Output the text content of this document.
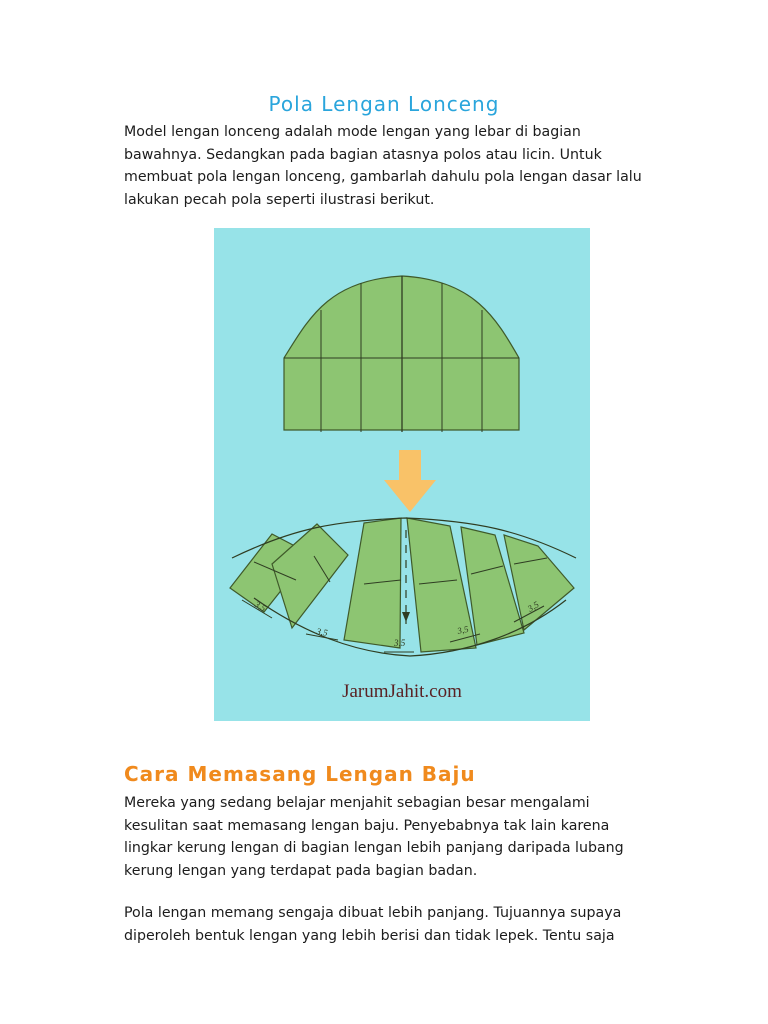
Pola Lengan Lonceng

Model lengan lonceng adalah mode lengan yang lebar di bagian
bawahnya. Sedangkan pada bagian atasnya polos atau licin. Untuk
membuat pola lengan lonceng, gambarlah dahulu pola lengan dasar lalu
lakukan pecah pola seperti ilustrasi berikut.

3,5
3,5
3,5
3,5
3,5
JarumJahit.com
Cara Memasang Lengan Baju

Mereka yang sedang belajar menjahit sebagian besar mengalami
kesulitan saat memasang lengan baju. Penyebabnya tak lain karena
lingkar kerung lengan di bagian lengan lebih panjang daripada lubang
kerung lengan yang terdapat pada bagian badan.

Pola lengan memang sengaja dibuat lebih panjang. Tujuannya supaya
diperoleh bentuk lengan yang lebih berisi dan tidak lepek. Tentu saja
